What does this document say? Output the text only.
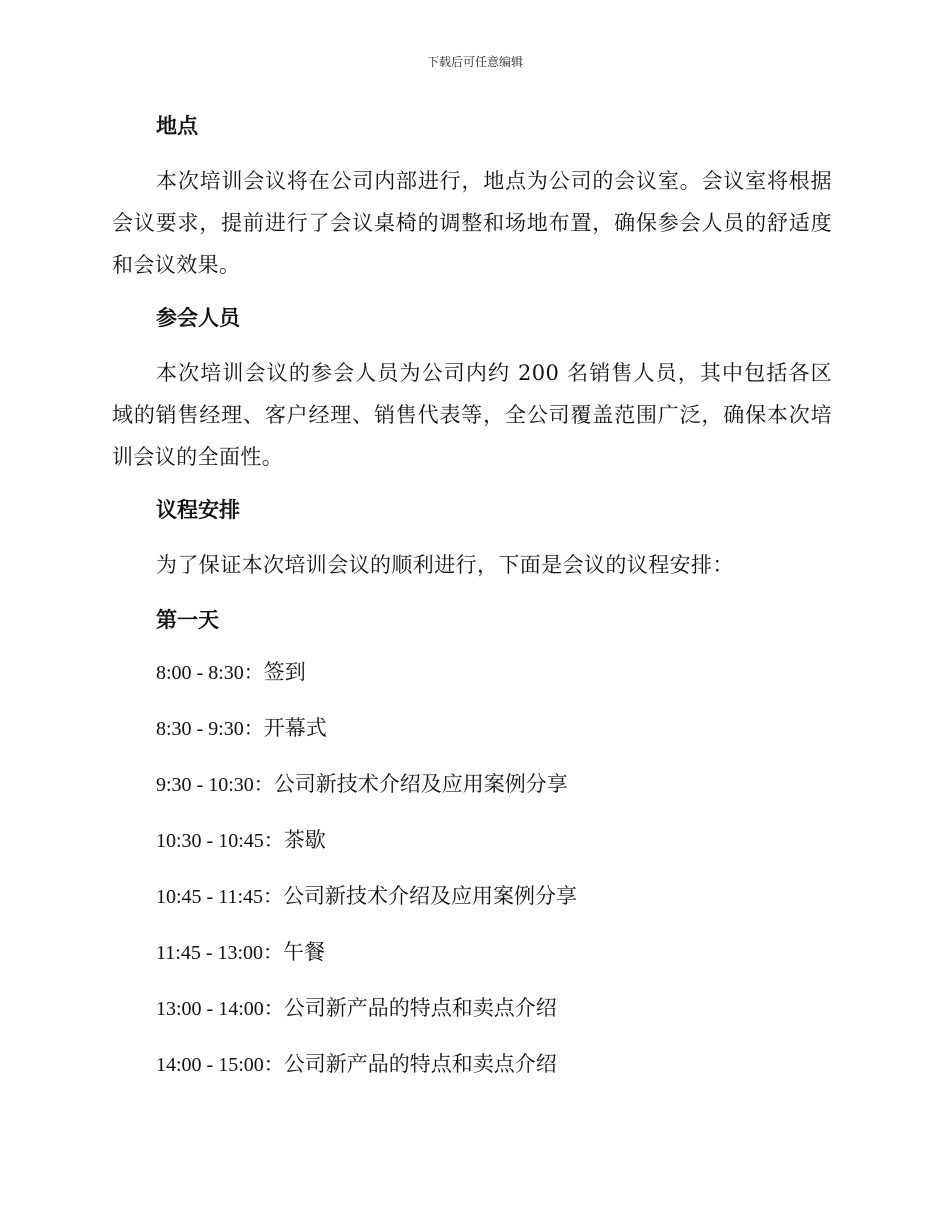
下载后可任意编辑
地点

本次培训会议将在公司内部进行，地点为公司的会议室。会议室将根据会议要求，提前进行了会议桌椅的调整和场地布置，确保参会人员的舒适度和会议效果。

参会人员

本次培训会议的参会人员为公司内约 200 名销售人员，其中包括各区域的销售经理、客户经理、销售代表等，全公司覆盖范围广泛，确保本次培训会议的全面性。

议程安排

为了保证本次培训会议的顺利进行，下面是会议的议程安排：

第一天
8:00 - 8:30：签到
8:30 - 9:30：开幕式
9:30 - 10:30：公司新技术介绍及应用案例分享
10:30 - 10:45：茶歇
10:45 - 11:45：公司新技术介绍及应用案例分享
11:45 - 13:00：午餐
13:00 - 14:00：公司新产品的特点和卖点介绍
14:00 - 15:00：公司新产品的特点和卖点介绍
